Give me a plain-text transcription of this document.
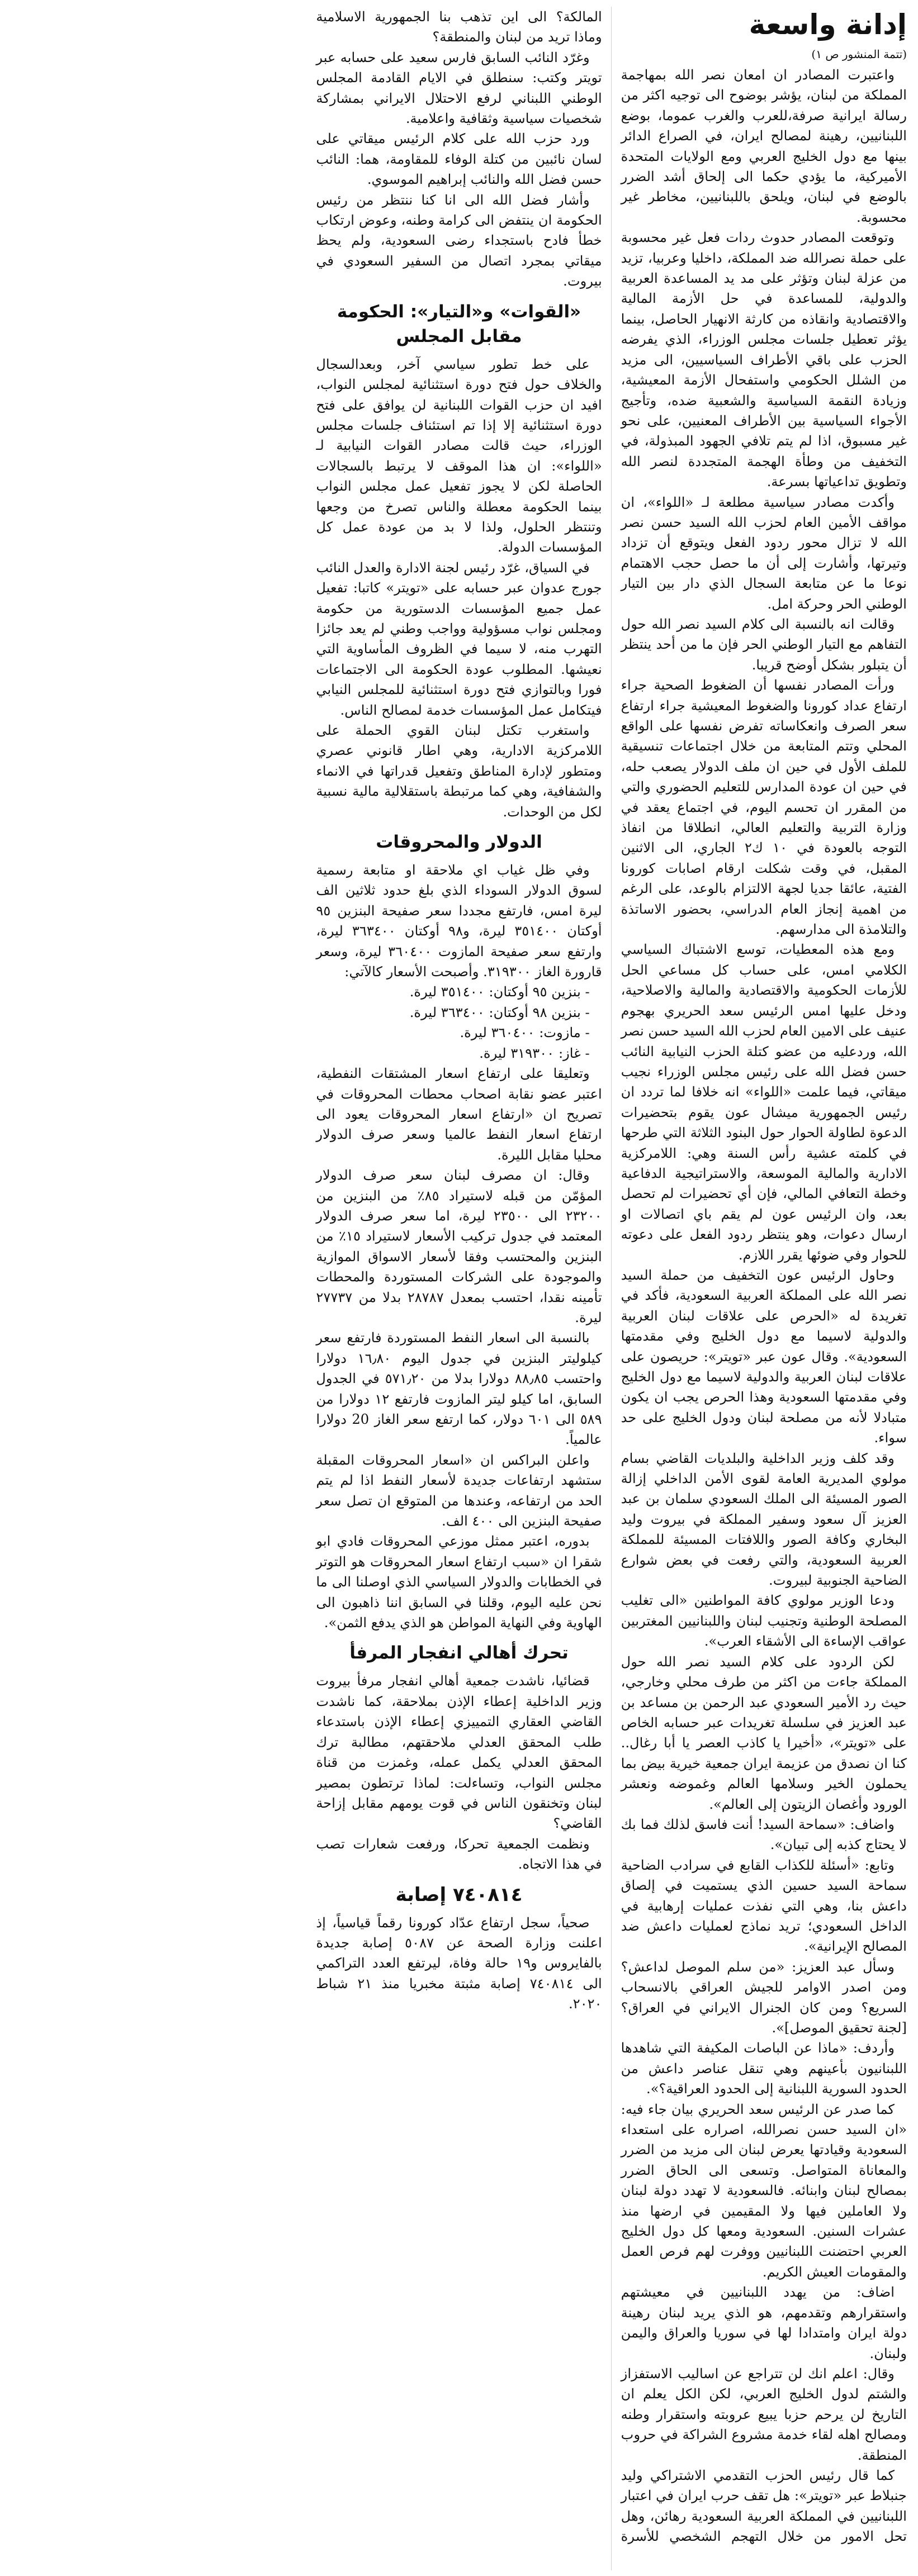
إدانة واسعة

(تتمة المنشور ص ١)

واعتبرت المصادر ان امعان نصر الله بمهاجمة المملكة من لبنان، يؤشر بوضوح الى توجيه اكثر من رسالة ايرانية صرفة،للعرب والغرب عموما، بوضع اللبنانيين، رهينة لمصالح ايران، في الصراع الدائر بينها مع دول الخليج العربي ومع الولايات المتحدة الأميركية، ما يؤدي حكما الى إلحاق أشد الضرر بالوضع في لبنان، ويلحق باللبنانيين، مخاطر غير محسوبة.

وتوقعت المصادر حدوث ردات فعل غير محسوبة على حملة نصرالله ضد المملكة، داخليا وعربيا، تزيد من عزلة لبنان وتؤثر على مد يد المساعدة العربية والدولية، للمساعدة في حل الأزمة المالية والاقتصادية وانقاذه من كارثة الانهيار الحاصل، بينما يؤثر تعطيل جلسات مجلس الوزراء، الذي يفرضه الحزب على باقي الأطراف السياسيين، الى مزيد من الشلل الحكومي واستفحال الأزمة المعيشية، وزيادة النقمة السياسية والشعبية ضده، وتأجيج الأجواء السياسية بين الأطراف المعنيين، على نحو غير مسبوق، اذا لم يتم تلافي الجهود المبذولة، في التخفيف من وطأة الهجمة المتجددة لنصر الله وتطويق تداعياتها بسرعة.

وأكدت مصادر سياسية مطلعة لـ «اللواء»، ان مواقف الأمين العام لحزب الله السيد حسن نصر الله لا تزال محور ردود الفعل ويتوقع أن تزداد وتيرتها، وأشارت إلى أن ما حصل حجب الاهتمام نوعا ما عن متابعة السجال الذي دار بين التيار الوطني الحر وحركة امل.

وقالت انه بالنسبة الى كلام السيد نصر الله حول التفاهم مع التيار الوطني الحر فإن ما من أحد ينتظر أن يتبلور بشكل أوضح قريبا.

ورأت المصادر نفسها أن الضغوط الصحية جراء ارتفاع عداد كورونا والضغوط المعيشية جراء ارتفاع سعر الصرف وانعكاساته تفرض نفسها على الواقع المحلي وتتم المتابعة من خلال اجتماعات تنسيقية للملف الأول في حين ان ملف الدولار يصعب حله، في حين ان عودة المدارس للتعليم الحضوري والتي من المقرر ان تحسم اليوم، في اجتماع يعقد في وزارة التربية والتعليم العالي، انطلاقا من انفاذ التوجه بالعودة في ١٠ ك٢ الجاري، الى الاثنين المقبل، في وقت شكلت ارقام اصابات كورونا الفتية، عائقا جديا لجهة الالتزام بالوعد، على الرغم من اهمية إنجاز العام الدراسي، بحضور الاساتذة والتلامذة الى مدارسهم.

ومع هذه المعطيات، توسع الاشتباك السياسي الكلامي امس، على حساب كل مساعي الحل للأزمات الحكومية والاقتصادية والمالية والاصلاحية، ودخل عليها امس الرئيس سعد الحريري بهجوم عنيف على الامين العام لحزب الله السيد حسن نصر الله، وردعليه من عضو كتلة الحزب النيابية النائب حسن فضل الله على رئيس مجلس الوزراء نجيب ميقاتي، فيما علمت «اللواء» انه خلافا لما تردد ان رئيس الجمهورية ميشال عون يقوم بتحضيرات الدعوة لطاولة الحوار حول البنود الثلاثة التي طرحها في كلمته عشية رأس السنة وهي: اللامركزية الادارية والمالية الموسعة، والاستراتيجية الدفاعية وخطة التعافي المالي، فإن أي تحضيرات لم تحصل بعد، وان الرئيس عون لم يقم باي اتصالات او ارسال دعوات، وهو ينتظر ردود الفعل على دعوته للحوار وفي ضوئها يقرر اللازم.

وحاول الرئيس عون التخفيف من حملة السيد نصر الله على المملكة العربية السعودية، فأكد في تغريدة له «الحرص على علاقات لبنان العربية والدولية لاسيما مع دول الخليج وفي مقدمتها السعودية». وقال عون عبر «تويتر»: حريصون على علاقات لبنان العربية والدولية لاسيما مع دول الخليج وفي مقدمتها السعودية وهذا الحرص يجب ان يكون متبادلا لأنه من مصلحة لبنان ودول الخليج على حد سواء.

وقد كلف وزير الداخلية والبلديات القاضي بسام مولوي المديرية العامة لقوى الأمن الداخلي إزالة الصور المسيئة الى الملك السعودي سلمان بن عبد العزيز آل سعود وسفير المملكة في بيروت وليد البخاري وكافة الصور واللافتات المسيئة للمملكة العربية السعودية، والتي رفعت في بعض شوارع الضاحية الجنوبية لبيروت.

ودعا الوزير مولوي كافة المواطنين «الى تغليب المصلحة الوطنية وتجنيب لبنان واللبنانيين المغتربين عواقب الإساءة الى الأشقاء العرب».

لكن الردود على كلام السيد نصر الله حول المملكة جاءت من اكثر من طرف محلي وخارجي، حيث رد الأمير السعودي عبد الرحمن بن مساعد بن عبد العزيز في سلسلة تغريدات عبر حسابه الخاص على «تويتر»، «أخيرا يا كاذب العصر يا أبا رغال.. كنا ان نصدق من عزيمة ايران جمعية خيرية بيض بما يحملون الخير وسلامها العالم وغموضه ونعشر الورود وأغصان الزيتون إلى العالم».

واضاف: «سماحة السيد! أنت فاسق لذلك فما بك لا يحتاج كذبه إلى تبيان».

وتابع: «أسئلة للكذاب القابع في سرادب الضاحية سماحة السيد حسين الذي يستميت في إلصاق داعش بنا، وهي التي نفذت عمليات إرهابية في الداخل السعودي؛ تريد نماذج لعمليات داعش ضد المصالح الإيرانية».

وسأل عبد العزيز: «من سلم الموصل لداعش؟ ومن اصدر الاوامر للجيش العراقي بالانسحاب السريع؟ ومن كان الجنرال الايراني في العراق؟ [لجنة تحقيق الموصل]».

وأردف: «ماذا عن الباصات المكيفة التي شاهدها اللبنانيون بأعينهم وهي تنقل عناصر داعش من الحدود السورية اللبنانية إلى الحدود العراقية؟».

كما صدر عن الرئيس سعد الحريري بيان جاء فيه: «ان السيد حسن نصرالله، اصراره على استعداء السعودية وقيادتها يعرض لبنان الى مزيد من الضرر والمعاناة المتواصل. وتسعى الى الحاق الضرر بمصالح لبنان وابنائه. فالسعودية لا تهدد دولة لبنان ولا العاملين فيها ولا المقيمين في ارضها منذ عشرات السنين. السعودية ومعها كل دول الخليج العربي احتضنت اللبنانيين ووفرت لهم فرص العمل والمقومات العيش الكريم.

اضاف: من يهدد اللبنانيين في معيشتهم واستقرارهم وتقدمهم، هو الذي يريد لبنان رهينة دولة ايران وامتدادا لها في سوريا والعراق واليمن ولبنان.

وقال: اعلم انك لن تتراجع عن اساليب الاستفزاز والشتم لدول الخليج العربي، لكن الكل يعلم ان التاريخ لن يرحم حزبا يبيع عروبته واستقرار وطنه ومصالح اهله لقاء خدمة مشروع الشراكة في حروب المنطقة.

كما قال رئيس الحزب التقدمي الاشتراكي وليد جنبلاط عبر «تويتر»: هل تقف حرب ايران في اعتبار اللبنانيين في المملكة العربية السعودية رهائن، وهل تحل الامور من خلال التهجم الشخصي للأسرة المالكة؟ الى اين تذهب بنا الجمهورية الاسلامية وماذا تريد من لبنان والمنطقة؟

وغرّد النائب السابق فارس سعيد على حسابه عبر تويتر وكتب: سنطلق في الايام القادمة المجلس الوطني اللبناني لرفع الاحتلال الايراني بمشاركة شخصيات سياسية وثقافية واعلامية.

ورد حزب الله على كلام الرئيس ميقاتي على لسان نائبين من كتلة الوفاء للمقاومة، هما: النائب حسن فضل الله والنائب إبراهيم الموسوي.

وأشار فضل الله الى انا كنا ننتظر من رئيس الحكومة ان ينتفض الى كرامة وطنه، وعوض ارتكاب خطأ فادح باستجداء رضى السعودية، ولم يحظ ميقاتي بمجرد اتصال من السفير السعودي في بيروت.

«القوات» و«التيار»: الحكومة مقابل المجلس

على خط تطور سياسي آخر، وبعدالسجال والخلاف حول فتح دورة استثنائية لمجلس النواب، افيد ان حزب القوات اللبنانية لن يوافق على فتح دورة استثنائية إلا إذا تم استئناف جلسات مجلس الوزراء، حيث قالت مصادر القوات النيابية لـ «اللواء»: ان هذا الموقف لا يرتبط بالسجالات الحاصلة لكن لا يجوز تفعيل عمل مجلس النواب بينما الحكومة معطلة والناس تصرخ من وجعها وتنتظر الحلول، ولذا لا بد من عودة عمل كل المؤسسات الدولة.

في السياق، غرّد رئيس لجنة الادارة والعدل النائب جورج عدوان عبر حسابه على «تويتر» كاتبا: تفعيل عمل جميع المؤسسات الدستورية من حكومة ومجلس نواب مسؤولية وواجب وطني لم يعد جائزا التهرب منه، لا سيما في الظروف المأساوية التي نعيشها. المطلوب عودة الحكومة الى الاجتماعات فورا وبالتوازي فتح دورة استثنائية للمجلس النيابي فيتكامل عمل المؤسسات خدمة لمصالح الناس.

واستغرب تكتل لبنان القوي الحملة على اللامركزية الادارية، وهي اطار قانوني عصري ومتطور لإدارة المناطق وتفعيل قدراتها في الانماء والشفافية، وهي كما مرتبطة باستقلالية مالية نسبية لكل من الوحدات.

الدولار والمحروقات

وفي ظل غياب اي ملاحقة او متابعة رسمية لسوق الدولار السوداء الذي بلغ حدود ثلاثين الف ليرة امس، فارتفع مجددا سعر صفيحة البنزين ٩٥ أوكتان ٣٥١٤٠٠ ليرة، و٩٨ أوكتان ٣٦٣٤٠٠ ليرة، وارتفع سعر صفيحة المازوت ٣٦٠٤٠٠ ليرة، وسعر قارورة الغاز ٣١٩٣٠٠. وأصبحت الأسعار كالآتي:

- بنزين ٩٥ أوكتان: ٣٥١٤٠٠ ليرة.

- بنزين ٩٨ أوكتان: ٣٦٣٤٠٠ ليرة.

- مازوت: ٣٦٠٤٠٠ ليرة.

- غاز: ٣١٩٣٠٠ ليرة.

وتعليقا على ارتفاع اسعار المشتقات النفطية، اعتبر عضو نقابة اصحاب محطات المحروقات في تصريح ان «ارتفاع اسعار المحروقات يعود الى ارتفاع اسعار النفط عالميا وسعر صرف الدولار محليا مقابل الليرة.

وقال: ان مصرف لبنان سعر صرف الدولار المؤمّن من قبله لاستيراد ٨٥٪ من البنزين من ٢٣٢٠٠ الى ٢٣٥٠٠ ليرة، اما سعر صرف الدولار المعتمد في جدول تركيب الأسعار لاستيراد ١٥٪ من البنزين والمحتسب وفقا لأسعار الاسواق الموازية والموجودة على الشركات المستوردة والمحطات تأمينه نقدا، احتسب بمعدل ٢٨٧٨٧ بدلا من ٢٧٧٣٧ ليرة.

بالنسبة الى اسعار النفط المستوردة فارتفع سعر كيلوليتر البنزين في جدول اليوم ١٦٫٨٠ دولارا واحتسب ٨٨٫٨٥ دولارا بدلا من ٥٧١٫٢٠ في الجدول السابق، اما كيلو ليتر المازوت فارتفع ١٢ دولارا من ٥٨٩ الى ٦٠١ دولار، كما ارتفع سعر الغاز 20 دولارا عالمياً.

واعلن البراكس ان «اسعار المحروقات المقبلة ستشهد ارتفاعات جديدة لأسعار النفط اذا لم يتم الحد من ارتفاعه، وعندها من المتوقع ان تصل سعر صفيحة البنزين الى ٤٠٠ الف.

بدوره، اعتبر ممثل موزعي المحروقات فادي ابو شقرا ان «سبب ارتفاع اسعار المحروقات هو التوتر في الخطابات والدولار السياسي الذي اوصلنا الى ما نحن عليه اليوم، وقلنا في السابق اننا ذاهبون الى الهاوية وفي النهاية المواطن هو الذي يدفع الثمن».

تحرك أهالي انفجار المرفأ

قضائيا، ناشدت جمعية أهالي انفجار مرفأ بيروت وزير الداخلية إعطاء الإذن بملاحقة، كما ناشدت القاضي العقاري التمييزي إعطاء الإذن باستدعاء طلب المحقق العدلي ملاحقتهم، مطالبة ترك المحقق العدلي يكمل عمله، وغمزت من قناة مجلس النواب، وتساءلت: لماذا ترتطون بمصير لبنان وتخنقون الناس في قوت يومهم مقابل إزاحة القاضي؟

ونظمت الجمعية تحركا، ورفعت شعارات تصب في هذا الاتجاه.

٧٤٠٨١٤ إصابة

صحياً، سجل ارتفاع عدّاد كورونا رقماً قياسياً، إذ اعلنت وزارة الصحة عن ٥٠٨٧ إصابة جديدة بالفايروس و١٩ حالة وفاة، ليرتفع العدد التراكمي الى ٧٤٠٨١٤ إصابة مثبتة مخبريا منذ ٢١ شباط ٢٠٢٠.
